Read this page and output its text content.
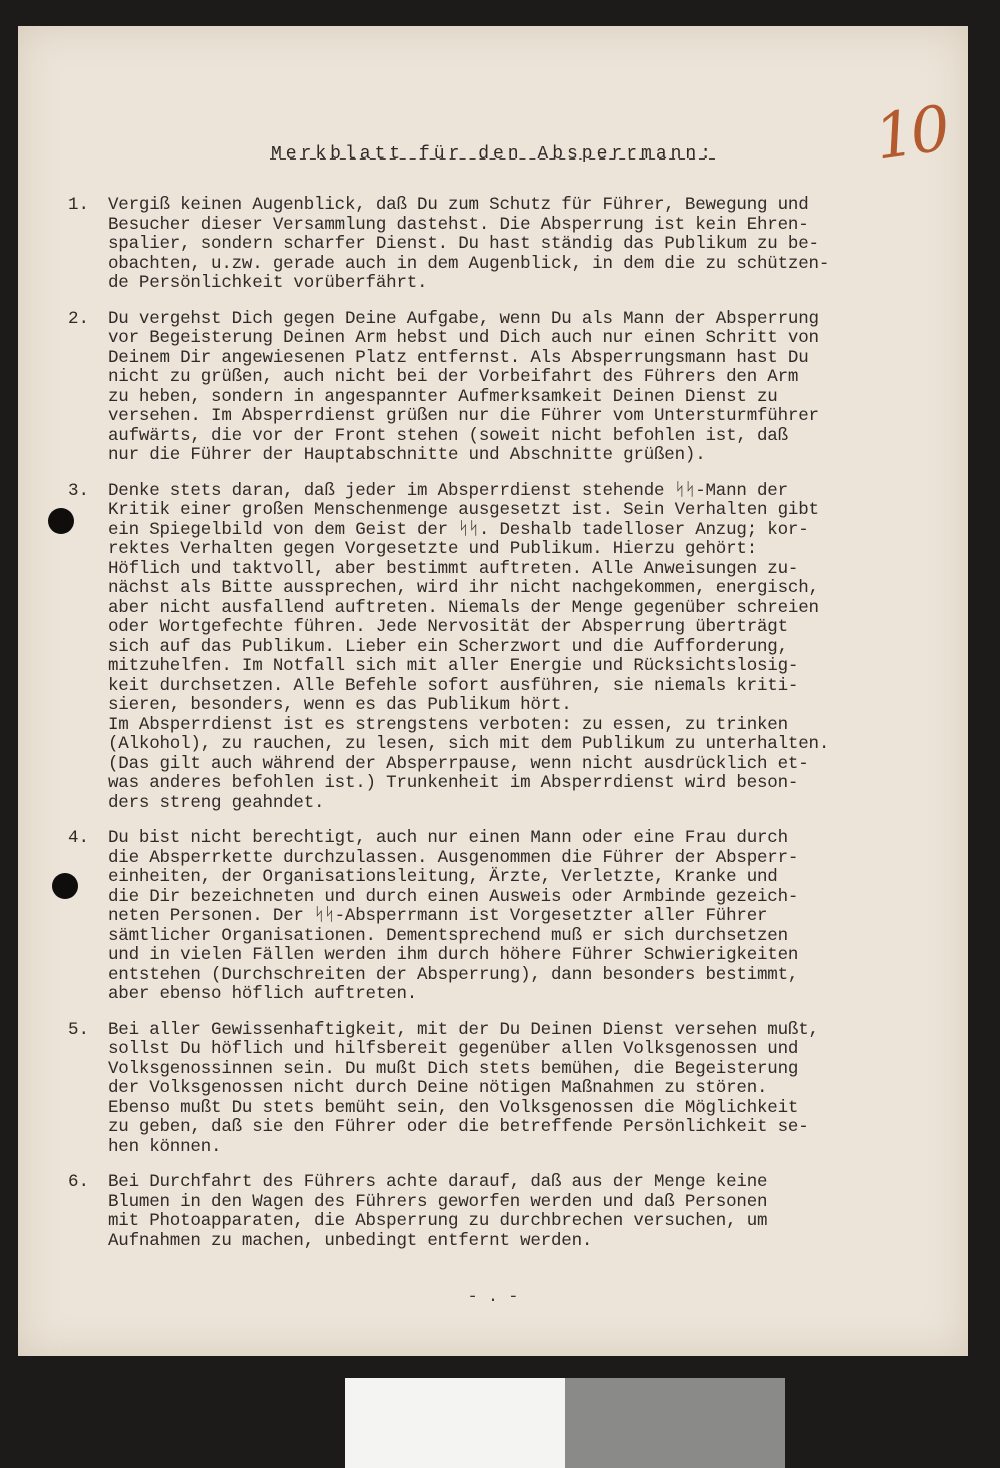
10
Merkblatt für den Absperrmann:
1.	Vergiß keinen Augenblick, daß Du zum Schutz für Führer, Bewegung und
Besucher dieser Versammlung dastehst. Die Absperrung ist kein Ehren-
spalier, sondern scharfer Dienst. Du hast ständig das Publikum zu be-
obachten, u.zw. gerade auch in dem Augenblick, in dem die zu schützen-
de Persönlichkeit vorüberfährt.
2.	Du vergehst Dich gegen Deine Aufgabe, wenn Du als Mann der Absperrung
vor Begeisterung Deinen Arm hebst und Dich auch nur einen Schritt von
Deinem Dir angewiesenen Platz entfernst. Als Absperrungsmann hast Du
nicht zu grüßen, auch nicht bei der Vorbeifahrt des Führers den Arm
zu heben, sondern in angespannter Aufmerksamkeit Deinen Dienst zu
versehen. Im Absperrdienst grüßen nur die Führer vom Untersturmführer
aufwärts, die vor der Front stehen (soweit nicht befohlen ist, daß
nur die Führer der Hauptabschnitte und Abschnitte grüßen).
3.	Denke stets daran, daß jeder im Absperrdienst stehende ᛋᛋ-Mann der
Kritik einer großen Menschenmenge ausgesetzt ist. Sein Verhalten gibt
ein Spiegelbild von dem Geist der ᛋᛋ. Deshalb tadelloser Anzug; kor-
rektes Verhalten gegen Vorgesetzte und Publikum. Hierzu gehört:
Höflich und taktvoll, aber bestimmt auftreten. Alle Anweisungen zu-
nächst als Bitte aussprechen, wird ihr nicht nachgekommen, energisch,
aber nicht ausfallend auftreten. Niemals der Menge gegenüber schreien
oder Wortgefechte führen. Jede Nervosität der Absperrung überträgt
sich auf das Publikum. Lieber ein Scherzwort und die Aufforderung,
mitzuhelfen. Im Notfall sich mit aller Energie und Rücksichtslosig-
keit durchsetzen. Alle Befehle sofort ausführen, sie niemals kriti-
sieren, besonders, wenn es das Publikum hört.
Im Absperrdienst ist es strengstens verboten: zu essen, zu trinken
(Alkohol), zu rauchen, zu lesen, sich mit dem Publikum zu unterhalten.
(Das gilt auch während der Absperrpause, wenn nicht ausdrücklich et-
was anderes befohlen ist.) Trunkenheit im Absperrdienst wird beson-
ders streng geahndet.
4.	Du bist nicht berechtigt, auch nur einen Mann oder eine Frau durch
die Absperrkette durchzulassen. Ausgenommen die Führer der Absperr-
einheiten, der Organisationsleitung, Ärzte, Verletzte, Kranke und
die Dir bezeichneten und durch einen Ausweis oder Armbinde gezeich-
neten Personen. Der ᛋᛋ-Absperrmann ist Vorgesetzter aller Führer
sämtlicher Organisationen. Dementsprechend muß er sich durchsetzen
und in vielen Fällen werden ihm durch höhere Führer Schwierigkeiten
entstehen (Durchschreiten der Absperrung), dann besonders bestimmt,
aber ebenso höflich auftreten.
5.	Bei aller Gewissenhaftigkeit, mit der Du Deinen Dienst versehen mußt,
sollst Du höflich und hilfsbereit gegenüber allen Volksgenossen und
Volksgenossinnen sein. Du mußt Dich stets bemühen, die Begeisterung
der Volksgenossen nicht durch Deine nötigen Maßnahmen zu stören.
Ebenso mußt Du stets bemüht sein, den Volksgenossen die Möglichkeit
zu geben, daß sie den Führer oder die betreffende Persönlichkeit se-
hen können.
6.	Bei Durchfahrt des Führers achte darauf, daß aus der Menge keine
Blumen in den Wagen des Führers geworfen werden und daß Personen
mit Photoapparaten, die Absperrung zu durchbrechen versuchen, um
Aufnahmen zu machen, unbedingt entfernt werden.
- . -
